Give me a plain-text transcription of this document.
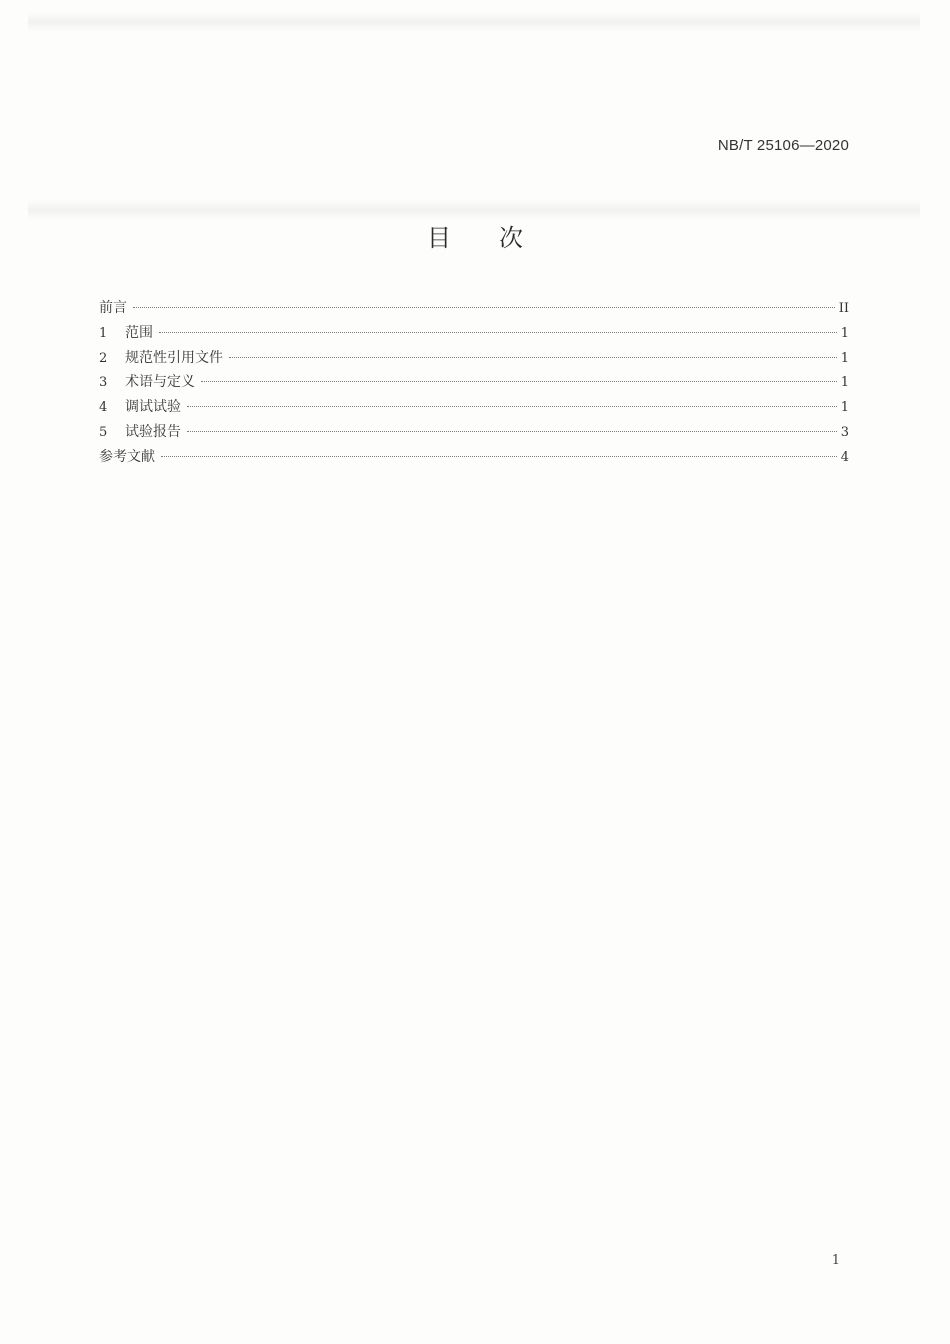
NB/T 25106—2020
目次
前言	II
1	范围	1
2	规范性引用文件	1
3	术语与定义	1
4	调试试验	1
5	试验报告	3
参考文献	4
1
